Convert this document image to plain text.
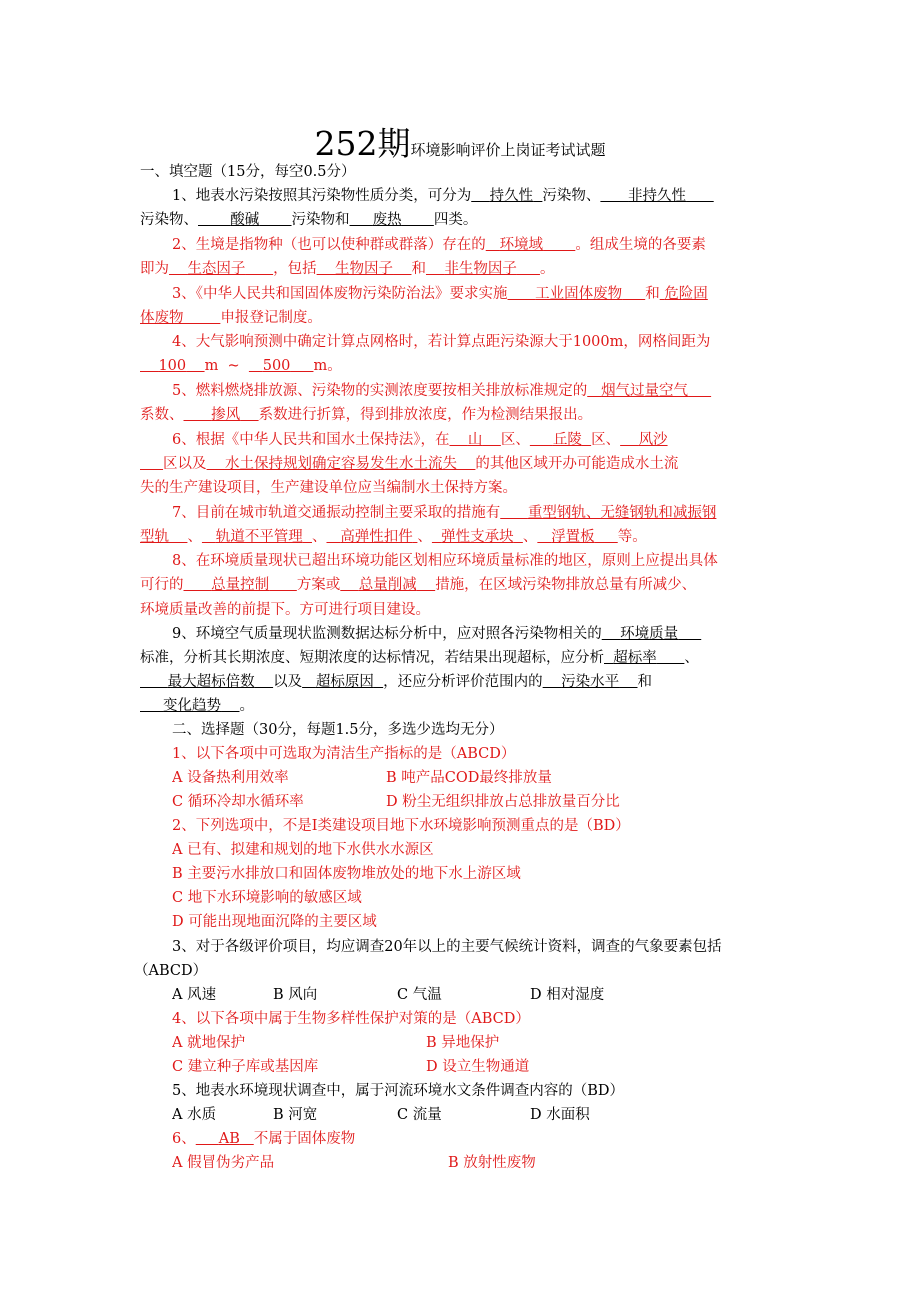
252期环境影响评价上岗证考试试题
一、填空题（15分，每空0.5分）
1、地表水污染按照其污染物性质分类，可分为 持久性 污染物、 非持久性
污染物、 酸碱 污染物和 废热 四类。
2、生境是指物种（也可以使种群或群落）存在的 环境域 。组成生境的各要素
即为 生态因子 ，包括 生物因子 和 非生物因子 。
3、《中华人民共和国固体废物污染防治法》要求实施 工业固体废物 和 危险固
体废物	申报登记制度。
4、大气影响预测中确定计算点网格时，若计算点距污染源大于1000m，网格间距为
100 m  ~     500 m。
5、燃料燃烧排放源、污染物的实测浓度要按相关排放标准规定的 烟气过量空气
系数、 掺风 系数进行折算，得到排放浓度，作为检测结果报出。
6、根据《中华人民共和国水土保持法》，在 山 区、 丘陵 区、 风沙
区以及 水土保持规划确定容易发生水土流失 的其他区域开办可能造成水土流
失的生产建设项目，生产建设单位应当编制水土保持方案。
7、目前在城市轨道交通振动控制主要采取的措施有 重型钢轨、无缝钢轨和减振钢
型轨 、 轨道不平管理 、 高弹性扣件 、 弹性支承块 、 浮置板 等。
8、在环境质量现状已超出环境功能区划相应环境质量标准的地区，原则上应提出具体
可行的 总量控制 方案或 总量削减 措施，在区域污染物排放总量有所减少、
环境质量改善的前提下。方可进行项目建设。
9、环境空气质量现状监测数据达标分析中，应对照各污染物相关的 环境质量
标准，分析其长期浓度、短期浓度的达标情况，若结果出现超标，应分析 超标率 、
最大超标倍数 以及 超标原因 ，还应分析评价范围内的 污染水平 和
变化趋势 。
二、选择题（30分，每题1.5分，多选少选均无分）
1、以下各项中可选取为清洁生产指标的是（ABCD）
A 设备热利用效率	B 吨产品COD最终排放量
C 循环冷却水循环率	D 粉尘无组织排放占总排放量百分比
2、下列选项中，不是Ⅰ类建设项目地下水环境影响预测重点的是（BD）
A 已有、拟建和规划的地下水供水水源区
B 主要污水排放口和固体废物堆放处的地下水上游区域
C 地下水环境影响的敏感区域
D 可能出现地面沉降的主要区域
3、对于各级评价项目，均应调查20年以上的主要气候统计资料，调查的气象要素包括
（ABCD）
A 风速	B 风向	C 气温	D 相对湿度
4、以下各项中属于生物多样性保护对策的是（ABCD）
A 就地保护	B 异地保护
C 建立种子库或基因库	D 设立生物通道
5、地表水环境现状调查中，属于河流环境水文条件调查内容的（BD）
A 水质	B 河宽	C 流量	D 水面积
6、 AB 不属于固体废物
A 假冒伪劣产品	B 放射性废物
